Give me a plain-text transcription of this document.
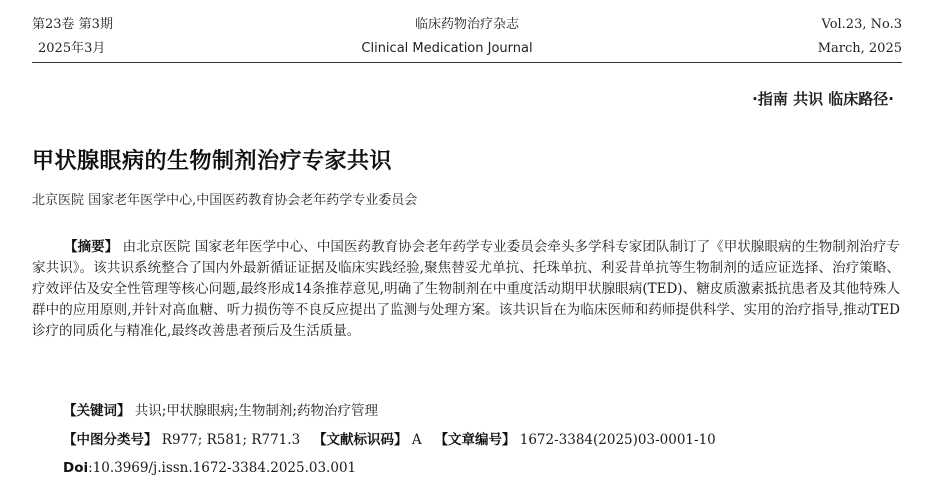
第23卷 第3期
2025年3月
临床药物治疗杂志
Clinical Medication Journal
Vol.23, No.3
March, 2025
·指南 共识 临床路径·
甲状腺眼病的生物制剂治疗专家共识
北京医院 国家老年医学中心,中国医药教育协会老年药学专业委员会

【摘要】 由北京医院 国家老年医学中心、中国医药教育协会老年药学专业委员会牵头多学科专家团队制订了《甲状腺眼病的生物制剂治疗专家共识》。该共识系统整合了国内外最新循证证据及临床实践经验,聚焦替妥尤单抗、托珠单抗、利妥昔单抗等生物制剂的适应证选择、治疗策略、疗效评估及安全性管理等核心问题,最终形成14条推荐意见,明确了生物制剂在中重度活动期甲状腺眼病(TED)、糖皮质激素抵抗患者及其他特殊人群中的应用原则,并针对高血糖、听力损伤等不良反应提出了监测与处理方案。该共识旨在为临床医师和药师提供科学、实用的治疗指导,推动TED诊疗的同质化与精准化,最终改善患者预后及生活质量。

【关键词】 共识;甲状腺眼病;生物制剂;药物治疗管理
【中图分类号】 R977; R581; R771.3 【文献标识码】 A 【文章编号】 1672-3384(2025)03-0001-10
Doi:10.3969/j.issn.1672-3384.2025.03.001
